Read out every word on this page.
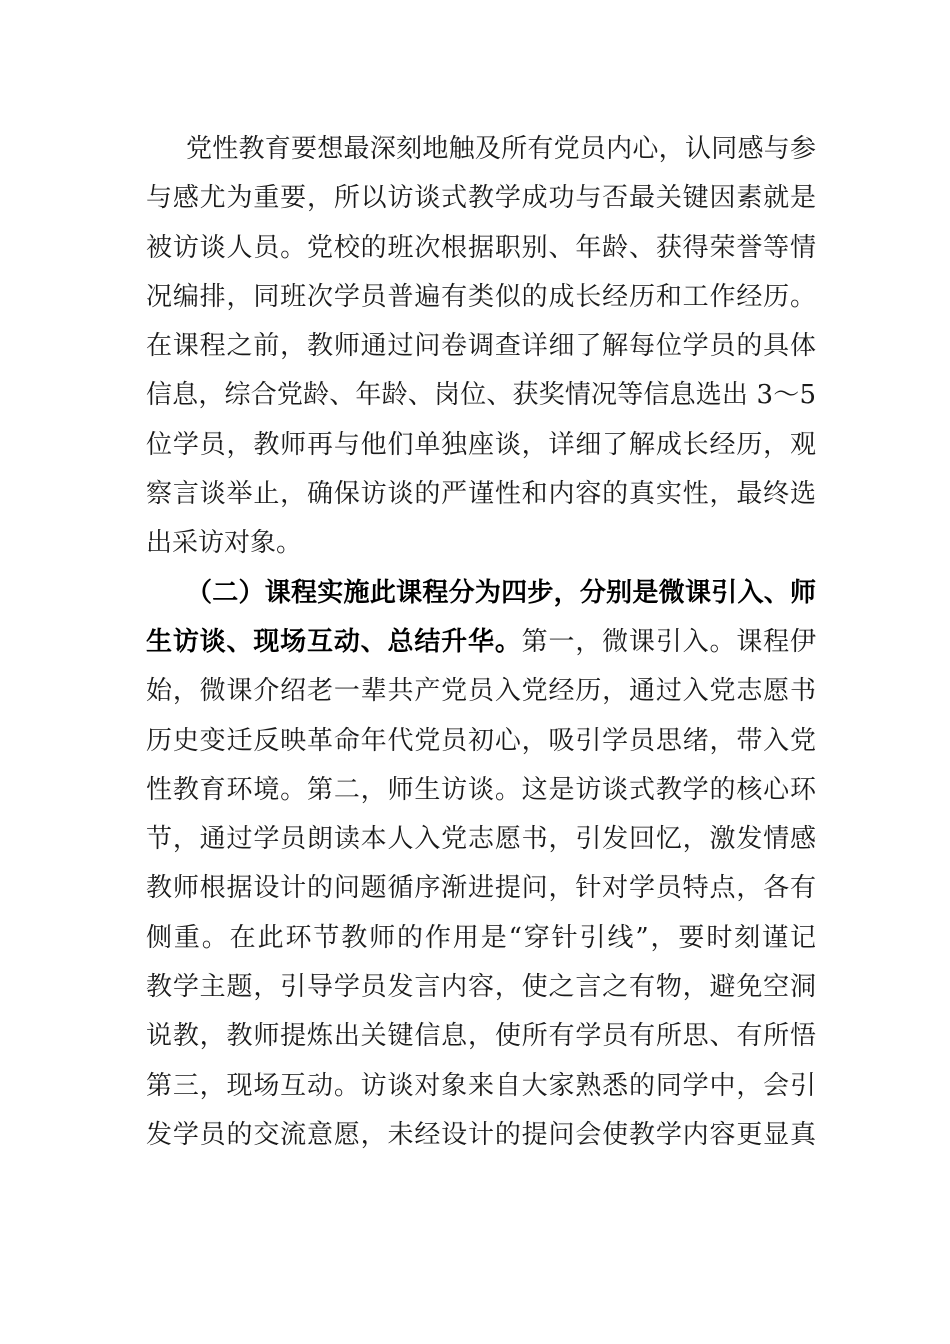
党性教育要想最深刻地触及所有党员内心，认同感与参
与感尤为重要，所以访谈式教学成功与否最关键因素就是
被访谈人员。党校的班次根据职别、年龄、获得荣誉等情
况编排，同班次学员普遍有类似的成长经历和工作经历。
在课程之前，教师通过问卷调查详细了解每位学员的具体
信息，综合党龄、年龄、岗位、获奖情况等信息选出 3～5
位学员，教师再与他们单独座谈，详细了解成长经历，观
察言谈举止，确保访谈的严谨性和内容的真实性，最终选
出采访对象。
（二）课程实施此课程分为四步，分别是微课引入、师
生访谈、现场互动、总结升华。第一，微课引入。课程伊
始，微课介绍老一辈共产党员入党经历，通过入党志愿书
历史变迁反映革命年代党员初心，吸引学员思绪，带入党
性教育环境。第二，师生访谈。这是访谈式教学的核心环
节，通过学员朗读本人入党志愿书，引发回忆，激发情感
教师根据设计的问题循序渐进提问，针对学员特点，各有
侧重。在此环节教师的作用是“穿针引线”，要时刻谨记
教学主题，引导学员发言内容，使之言之有物，避免空洞
说教，教师提炼出关键信息，使所有学员有所思、有所悟
第三，现场互动。访谈对象来自大家熟悉的同学中，会引
发学员的交流意愿，未经设计的提问会使教学内容更显真
